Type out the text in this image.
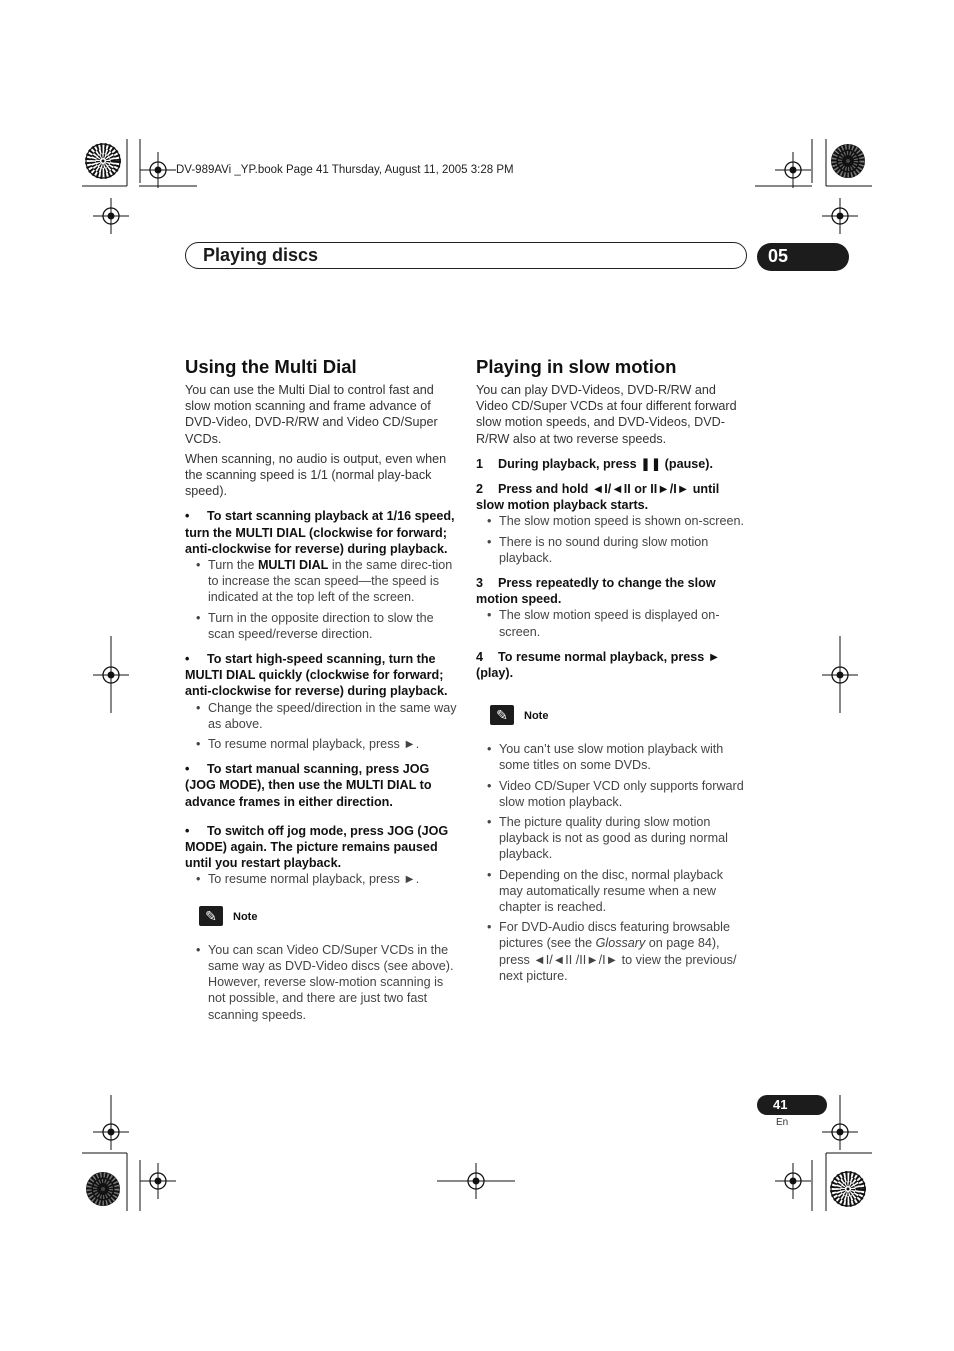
DV-989AVi _YP.book Page 41 Thursday, August 11, 2005 3:28 PM
Playing discs	05
Using the Multi Dial
You can use the Multi Dial to control fast and slow motion scanning and frame advance of DVD-Video, DVD-R/RW and Video CD/Super VCDs.
When scanning, no audio is output, even when the scanning speed is 1/1 (normal play-back speed).
• To start scanning playback at 1/16 speed, turn the MULTI DIAL (clockwise for forward; anti-clockwise for reverse) during playback.
• Turn the MULTI DIAL in the same direc-tion to increase the scan speed—the speed is indicated at the top left of the screen.
• Turn in the opposite direction to slow the scan speed/reverse direction.
• To start high-speed scanning, turn the MULTI DIAL quickly (clockwise for forward; anti-clockwise for reverse) during playback.
• Change the speed/direction in the same way as above.
• To resume normal playback, press ►.
• To start manual scanning, press JOG (JOG MODE), then use the MULTI DIAL to advance frames in either direction.
• To switch off jog mode, press JOG (JOG MODE) again. The picture remains paused until you restart playback.
• To resume normal playback, press ►.
✎	Note
• You can scan Video CD/Super VCDs in the same way as DVD-Video discs (see above). However, reverse slow-motion scanning is not possible, and there are just two fast scanning speeds.
Playing in slow motion
You can play DVD-Videos, DVD-R/RW and Video CD/Super VCDs at four different forward slow motion speeds, and DVD-Videos, DVD-R/RW also at two reverse speeds.
1 During playback, press ❚❚ (pause).
2 Press and hold ◄I/◄II or II►/I► until slow motion playback starts.
• The slow motion speed is shown on-screen.
• There is no sound during slow motion playback.
3 Press repeatedly to change the slow motion speed.
• The slow motion speed is displayed on-screen.
4 To resume normal playback, press ► (play).
✎	Note
• You can’t use slow motion playback with some titles on some DVDs.
• Video CD/Super VCD only supports forward slow motion playback.
• The picture quality during slow motion playback is not as good as during normal playback.
• Depending on the disc, normal playback may automatically resume when a new chapter is reached.
• For DVD-Audio discs featuring browsable pictures (see the Glossary on page 84), press ◄I/◄II /II►/I► to view the previous/ next picture.
41
En
